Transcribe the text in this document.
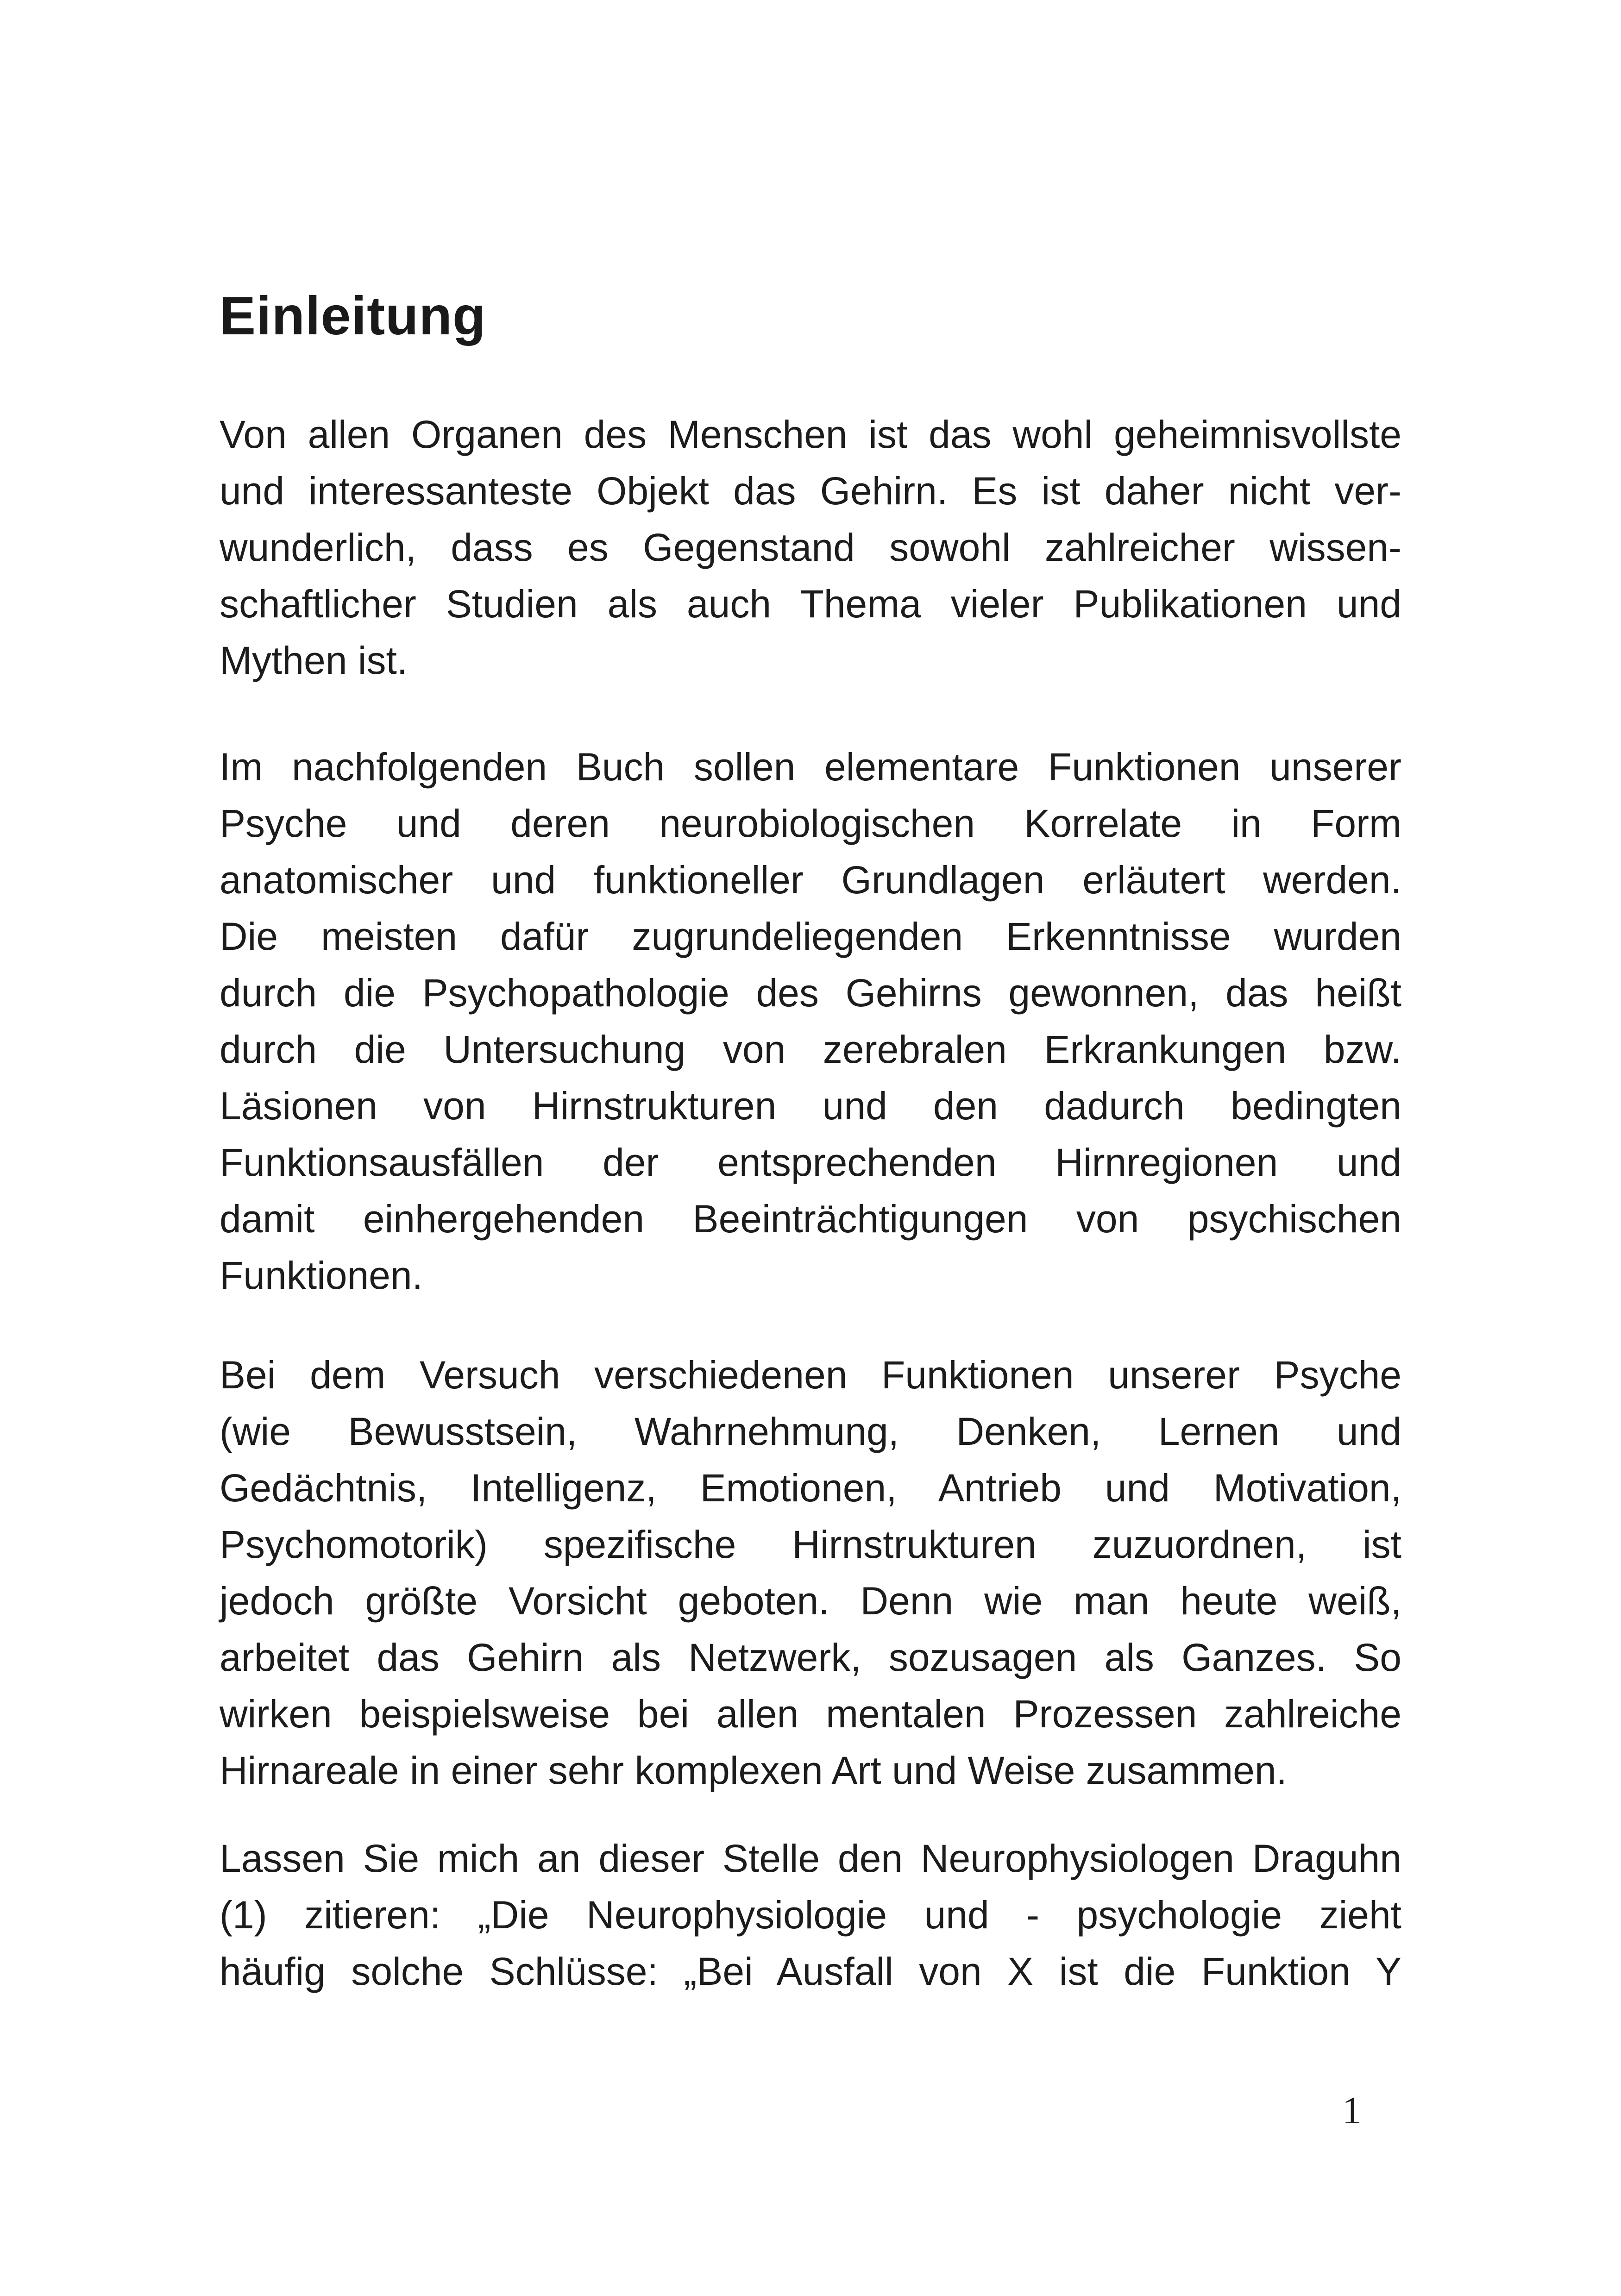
Einleitung
Von allen Organen des Menschen ist das wohl geheimnisvollste
und interessanteste Objekt das Gehirn. Es ist daher nicht ver-
wunderlich, dass es Gegenstand sowohl zahlreicher wissen-
schaftlicher Studien als auch Thema vieler Publikationen und
Mythen ist.
Im nachfolgenden Buch sollen elementare Funktionen unserer
Psyche und deren neurobiologischen Korrelate in Form
anatomischer und funktioneller Grundlagen erläutert werden.
Die meisten dafür zugrundeliegenden Erkenntnisse wurden
durch die Psychopathologie des Gehirns gewonnen, das heißt
durch die Untersuchung von zerebralen Erkrankungen bzw.
Läsionen von Hirnstrukturen und den dadurch bedingten
Funktionsausfällen der entsprechenden Hirnregionen und
damit einhergehenden Beeinträchtigungen von psychischen
Funktionen.
Bei dem Versuch verschiedenen Funktionen unserer Psyche
(wie Bewusstsein, Wahrnehmung, Denken, Lernen und
Gedächtnis, Intelligenz, Emotionen, Antrieb und Motivation,
Psychomotorik) spezifische Hirnstrukturen zuzuordnen, ist
jedoch größte Vorsicht geboten. Denn wie man heute weiß,
arbeitet das Gehirn als Netzwerk, sozusagen als Ganzes. So
wirken beispielsweise bei allen mentalen Prozessen zahlreiche
Hirnareale in einer sehr komplexen Art und Weise zusammen.
Lassen Sie mich an dieser Stelle den Neurophysiologen Draguhn
(1) zitieren: „Die Neurophysiologie und - psychologie zieht
häufig solche Schlüsse: „Bei Ausfall von X ist die Funktion Y

1
